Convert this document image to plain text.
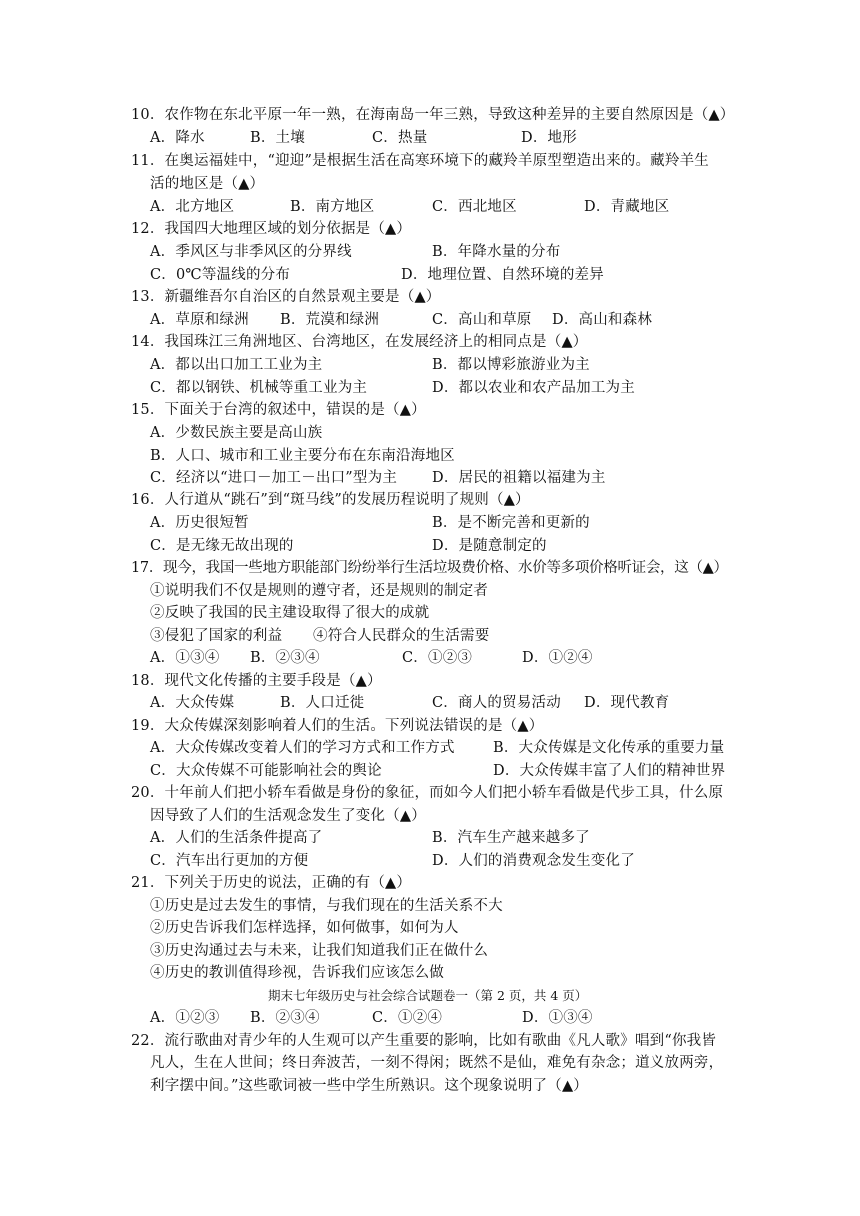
10．农作物在东北平原一年一熟，在海南岛一年三熟，导致这种差异的主要自然原因是（▲）
A．降水	B．土壤	C．热量	D．地形
11．在奥运福娃中，“迎迎”是根据生活在高寒环境下的藏羚羊原型塑造出来的。藏羚羊生
活的地区是（▲）
A．北方地区	B．南方地区	C．西北地区	D．青藏地区
12．我国四大地理区域的划分依据是（▲）
A．季风区与非季风区的分界线	B．年降水量的分布
C．0℃等温线的分布	D．地理位置、自然环境的差异
13．新疆维吾尔自治区的自然景观主要是（▲）
A．草原和绿洲 B．荒漠和绿洲	C．高山和草原 D．高山和森林
14．我国珠江三角洲地区、台湾地区，在发展经济上的相同点是（▲）
A．都以出口加工工业为主	B．都以博彩旅游业为主
C．都以钢铁、机械等重工业为主	D．都以农业和农产品加工为主
15．下面关于台湾的叙述中，错误的是（▲）
A．少数民族主要是高山族
B．人口、城市和工业主要分布在东南沿海地区
C．经济以“进口－加工－出口”型为主 D．居民的祖籍以福建为主
16．人行道从“跳石”到“斑马线”的发展历程说明了规则（▲）
A．历史很短暂	B．是不断完善和更新的
C．是无缘无故出现的	D．是随意制定的
17．现今，我国一些地方职能部门纷纷举行生活垃圾费价格、水价等多项价格听证会，这（▲）
①说明我们不仅是规则的遵守者，还是规则的制定者
②反映了我国的民主建设取得了很大的成就
③侵犯了国家的利益 ④符合人民群众的生活需要
A．①③④ B．②③④	C．①②③	D．①②④
18．现代文化传播的主要手段是（▲）
A．大众传媒	B．人口迁徙	C．商人的贸易活动 D．现代教育
19．大众传媒深刻影响着人们的生活。下列说法错误的是（▲）
A．大众传媒改变着人们的学习方式和工作方式	B．大众传媒是文化传承的重要力量
C．大众传媒不可能影响社会的舆论	D．大众传媒丰富了人们的精神世界
20．十年前人们把小轿车看做是身份的象征，而如今人们把小轿车看做是代步工具，什么原
因导致了人们的生活观念发生了变化（▲）
A．人们的生活条件提高了	B．汽车生产越来越多了
C．汽车出行更加的方便	D．人们的消费观念发生变化了
21．下列关于历史的说法，正确的有（▲）
①历史是过去发生的事情，与我们现在的生活关系不大
②历史告诉我们怎样选择，如何做事，如何为人
③历史沟通过去与未来，让我们知道我们正在做什么
④历史的教训值得珍视，告诉我们应该怎么做
期末七年级历史与社会综合试题卷一（第 2 页，共 4 页）
A．①②③ B．②③④	C．①②④	D．①③④
22．流行歌曲对青少年的人生观可以产生重要的影响，比如有歌曲《凡人歌》唱到“你我皆
凡人，生在人世间；终日奔波苦，一刻不得闲；既然不是仙，难免有杂念；道义放两旁，
利字摆中间。”这些歌词被一些中学生所熟识。这个现象说明了（▲）
